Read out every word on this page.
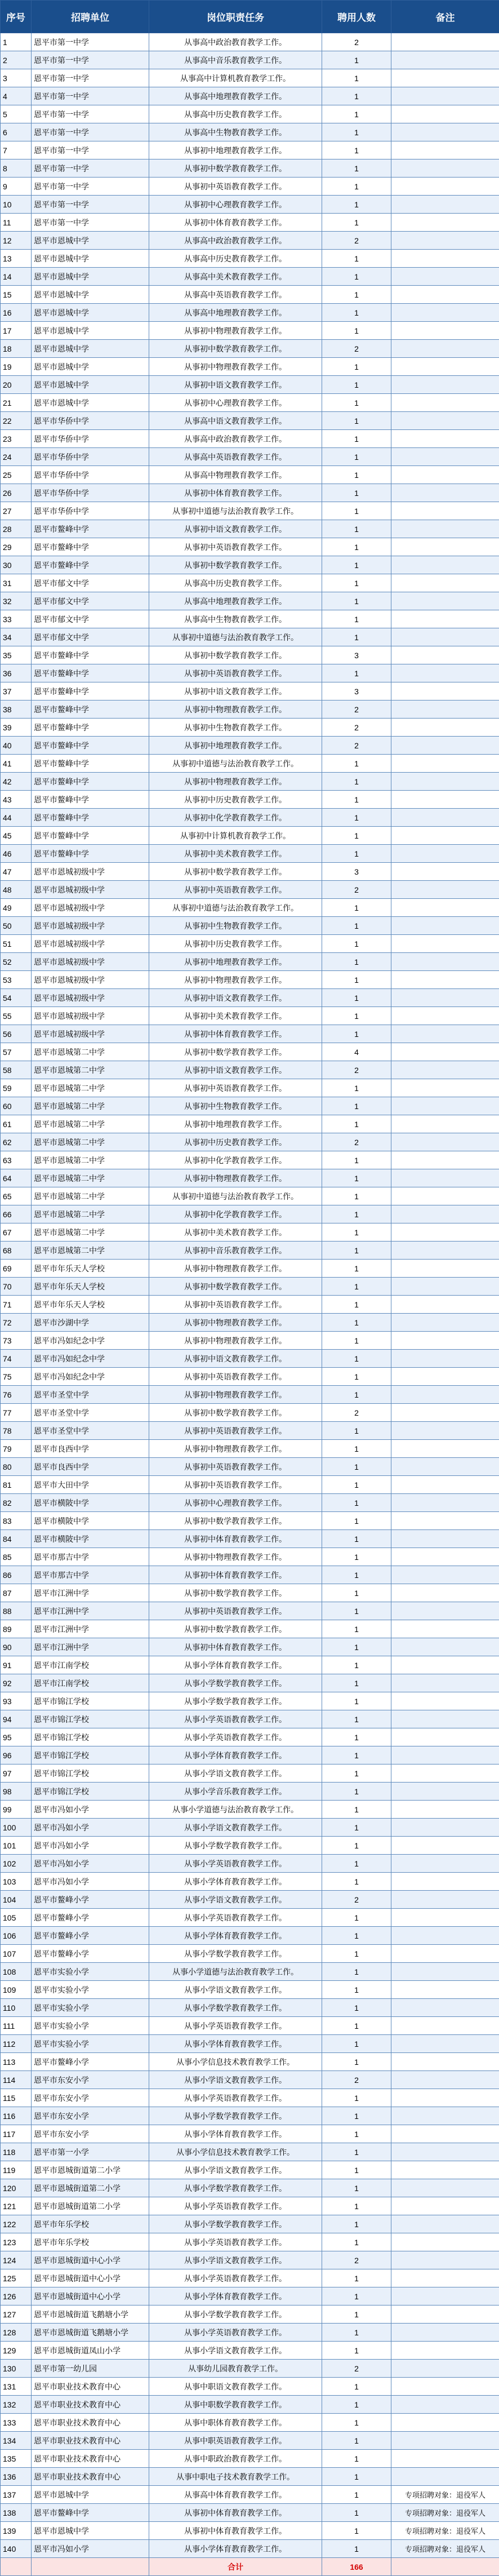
序号	招聘单位	岗位职责任务	聘用人数	备注
1	恩平市第一中学	从事高中政治教育教学工作。	2	
2	恩平市第一中学	从事高中音乐教育教学工作。	1	
3	恩平市第一中学	从事高中计算机教育教学工作。	1	
4	恩平市第一中学	从事高中地理教育教学工作。	1	
5	恩平市第一中学	从事高中历史教育教学工作。	1	
6	恩平市第一中学	从事高中生物教育教学工作。	1	
7	恩平市第一中学	从事初中地理教育教学工作。	1	
8	恩平市第一中学	从事初中数学教育教学工作。	1	
9	恩平市第一中学	从事初中英语教育教学工作。	1	
10	恩平市第一中学	从事初中心理教育教学工作。	1	
11	恩平市第一中学	从事初中体育教育教学工作。	1	
12	恩平市恩城中学	从事高中政治教育教学工作。	2	
13	恩平市恩城中学	从事高中历史教育教学工作。	1	
14	恩平市恩城中学	从事高中美术教育教学工作。	1	
15	恩平市恩城中学	从事高中英语教育教学工作。	1	
16	恩平市恩城中学	从事高中地理教育教学工作。	1	
17	恩平市恩城中学	从事初中物理教育教学工作。	1	
18	恩平市恩城中学	从事初中数学教育教学工作。	2	
19	恩平市恩城中学	从事初中物理教育教学工作。	1	
20	恩平市恩城中学	从事初中语文教育教学工作。	1	
21	恩平市恩城中学	从事初中心理教育教学工作。	1	
22	恩平市华侨中学	从事高中语文教育教学工作。	1	
23	恩平市华侨中学	从事高中政治教育教学工作。	1	
24	恩平市华侨中学	从事高中英语教育教学工作。	1	
25	恩平市华侨中学	从事高中物理教育教学工作。	1	
26	恩平市华侨中学	从事初中体育教育教学工作。	1	
27	恩平市华侨中学	从事初中道德与法治教育教学工作。	1	
28	恩平市鳌峰中学	从事初中语文教育教学工作。	1	
29	恩平市鳌峰中学	从事初中英语教育教学工作。	1	
30	恩平市鳌峰中学	从事初中数学教育教学工作。	1	
31	恩平市郁文中学	从事高中历史教育教学工作。	1	
32	恩平市郁文中学	从事高中地理教育教学工作。	1	
33	恩平市郁文中学	从事高中生物教育教学工作。	1	
34	恩平市郁文中学	从事初中道德与法治教育教学工作。	1	
35	恩平市鳌峰中学	从事初中数学教育教学工作。	3	
36	恩平市鳌峰中学	从事初中英语教育教学工作。	1	
37	恩平市鳌峰中学	从事初中语文教育教学工作。	3	
38	恩平市鳌峰中学	从事初中物理教育教学工作。	2	
39	恩平市鳌峰中学	从事初中生物教育教学工作。	2	
40	恩平市鳌峰中学	从事初中地理教育教学工作。	2	
41	恩平市鳌峰中学	从事初中道德与法治教育教学工作。	1	
42	恩平市鳌峰中学	从事初中物理教育教学工作。	1	
43	恩平市鳌峰中学	从事初中历史教育教学工作。	1	
44	恩平市鳌峰中学	从事初中化学教育教学工作。	1	
45	恩平市鳌峰中学	从事初中计算机教育教学工作。	1	
46	恩平市鳌峰中学	从事初中美术教育教学工作。	1	
47	恩平市恩城初级中学	从事初中数学教育教学工作。	3	
48	恩平市恩城初级中学	从事初中英语教育教学工作。	2	
49	恩平市恩城初级中学	从事初中道德与法治教育教学工作。	1	
50	恩平市恩城初级中学	从事初中生物教育教学工作。	1	
51	恩平市恩城初级中学	从事初中历史教育教学工作。	1	
52	恩平市恩城初级中学	从事初中地理教育教学工作。	1	
53	恩平市恩城初级中学	从事初中物理教育教学工作。	1	
54	恩平市恩城初级中学	从事初中语文教育教学工作。	1	
55	恩平市恩城初级中学	从事初中美术教育教学工作。	1	
56	恩平市恩城初级中学	从事初中体育教育教学工作。	1	
57	恩平市恩城第二中学	从事初中数学教育教学工作。	4	
58	恩平市恩城第二中学	从事初中语文教育教学工作。	2	
59	恩平市恩城第二中学	从事初中英语教育教学工作。	1	
60	恩平市恩城第二中学	从事初中生物教育教学工作。	1	
61	恩平市恩城第二中学	从事初中地理教育教学工作。	1	
62	恩平市恩城第二中学	从事初中历史教育教学工作。	2	
63	恩平市恩城第二中学	从事初中化学教育教学工作。	1	
64	恩平市恩城第二中学	从事初中物理教育教学工作。	1	
65	恩平市恩城第二中学	从事初中道德与法治教育教学工作。	1	
66	恩平市恩城第二中学	从事初中化学教育教学工作。	1	
67	恩平市恩城第二中学	从事初中美术教育教学工作。	1	
68	恩平市恩城第二中学	从事初中音乐教育教学工作。	1	
69	恩平市年乐天人学校	从事初中物理教育教学工作。	1	
70	恩平市年乐天人学校	从事初中数学教育教学工作。	1	
71	恩平市年乐天人学校	从事初中英语教育教学工作。	1	
72	恩平市沙湖中学	从事初中物理教育教学工作。	1	
73	恩平市冯如纪念中学	从事初中物理教育教学工作。	1	
74	恩平市冯如纪念中学	从事初中语文教育教学工作。	1	
75	恩平市冯如纪念中学	从事初中英语教育教学工作。	1	
76	恩平市圣堂中学	从事初中物理教育教学工作。	1	
77	恩平市圣堂中学	从事初中数学教育教学工作。	2	
78	恩平市圣堂中学	从事初中英语教育教学工作。	1	
79	恩平市良西中学	从事初中物理教育教学工作。	1	
80	恩平市良西中学	从事初中英语教育教学工作。	1	
81	恩平市大田中学	从事初中英语教育教学工作。	1	
82	恩平市横陂中学	从事初中心理教育教学工作。	1	
83	恩平市横陂中学	从事初中数学教育教学工作。	1	
84	恩平市横陂中学	从事初中体育教育教学工作。	1	
85	恩平市那吉中学	从事初中物理教育教学工作。	1	
86	恩平市那吉中学	从事初中体育教育教学工作。	1	
87	恩平市江洲中学	从事初中数学教育教学工作。	1	
88	恩平市江洲中学	从事初中英语教育教学工作。	1	
89	恩平市江洲中学	从事初中数学教育教学工作。	1	
90	恩平市江洲中学	从事初中体育教育教学工作。	1	
91	恩平市江南学校	从事小学体育教育教学工作。	1	
92	恩平市江南学校	从事小学数学教育教学工作。	1	
93	恩平市锦江学校	从事小学数学教育教学工作。	1	
94	恩平市锦江学校	从事小学英语教育教学工作。	1	
95	恩平市锦江学校	从事小学英语教育教学工作。	1	
96	恩平市锦江学校	从事小学体育教育教学工作。	1	
97	恩平市锦江学校	从事小学语文教育教学工作。	1	
98	恩平市锦江学校	从事小学音乐教育教学工作。	1	
99	恩平市冯如小学	从事小学道德与法治教育教学工作。	1	
100	恩平市冯如小学	从事小学语文教育教学工作。	1	
101	恩平市冯如小学	从事小学数学教育教学工作。	1	
102	恩平市冯如小学	从事小学英语教育教学工作。	1	
103	恩平市冯如小学	从事小学体育教育教学工作。	1	
104	恩平市鳌峰小学	从事小学语文教育教学工作。	2	
105	恩平市鳌峰小学	从事小学英语教育教学工作。	1	
106	恩平市鳌峰小学	从事小学体育教育教学工作。	1	
107	恩平市鳌峰小学	从事小学数学教育教学工作。	1	
108	恩平市实验小学	从事小学道德与法治教育教学工作。	1	
109	恩平市实验小学	从事小学语文教育教学工作。	1	
110	恩平市实验小学	从事小学数学教育教学工作。	1	
111	恩平市实验小学	从事小学英语教育教学工作。	1	
112	恩平市实验小学	从事小学体育教育教学工作。	1	
113	恩平市鳌峰小学	从事小学信息技术教育教学工作。	1	
114	恩平市东安小学	从事小学语文教育教学工作。	2	
115	恩平市东安小学	从事小学英语教育教学工作。	1	
116	恩平市东安小学	从事小学数学教育教学工作。	1	
117	恩平市东安小学	从事小学体育教育教学工作。	1	
118	恩平市第一小学	从事小学信息技术教育教学工作。	1	
119	恩平市恩城街道第二小学	从事小学语文教育教学工作。	1	
120	恩平市恩城街道第二小学	从事小学数学教育教学工作。	1	
121	恩平市恩城街道第二小学	从事小学英语教育教学工作。	1	
122	恩平市年乐学校	从事小学数学教育教学工作。	1	
123	恩平市年乐学校	从事小学英语教育教学工作。	1	
124	恩平市恩城街道中心小学	从事小学语文教育教学工作。	2	
125	恩平市恩城街道中心小学	从事小学英语教育教学工作。	1	
126	恩平市恩城街道中心小学	从事小学体育教育教学工作。	1	
127	恩平市恩城街道飞鹅塘小学	从事小学数学教育教学工作。	1	
128	恩平市恩城街道飞鹅塘小学	从事小学英语教育教学工作。	1	
129	恩平市恩城街道凤山小学	从事小学语文教育教学工作。	1	
130	恩平市第一幼儿园	从事幼儿园教育教学工作。	2	
131	恩平市职业技术教育中心	从事中职语文教育教学工作。	1	
132	恩平市职业技术教育中心	从事中职数学教育教学工作。	1	
133	恩平市职业技术教育中心	从事中职体育教育教学工作。	1	
134	恩平市职业技术教育中心	从事中职英语教育教学工作。	1	
135	恩平市职业技术教育中心	从事中职政治教育教学工作。	1	
136	恩平市职业技术教育中心	从事中职电子技术教育教学工作。	1	
137	恩平市恩城中学	从事高中体育教育教学工作。	1	专项招聘对象：退役军人
138	恩平市鳌峰中学	从事初中体育教育教学工作。	1	专项招聘对象：退役军人
139	恩平市恩城中学	从事初中体育教育教学工作。	1	专项招聘对象：退役军人
140	恩平市冯如小学	从事小学体育教育教学工作。	1	专项招聘对象：退役军人
		合计	166	
